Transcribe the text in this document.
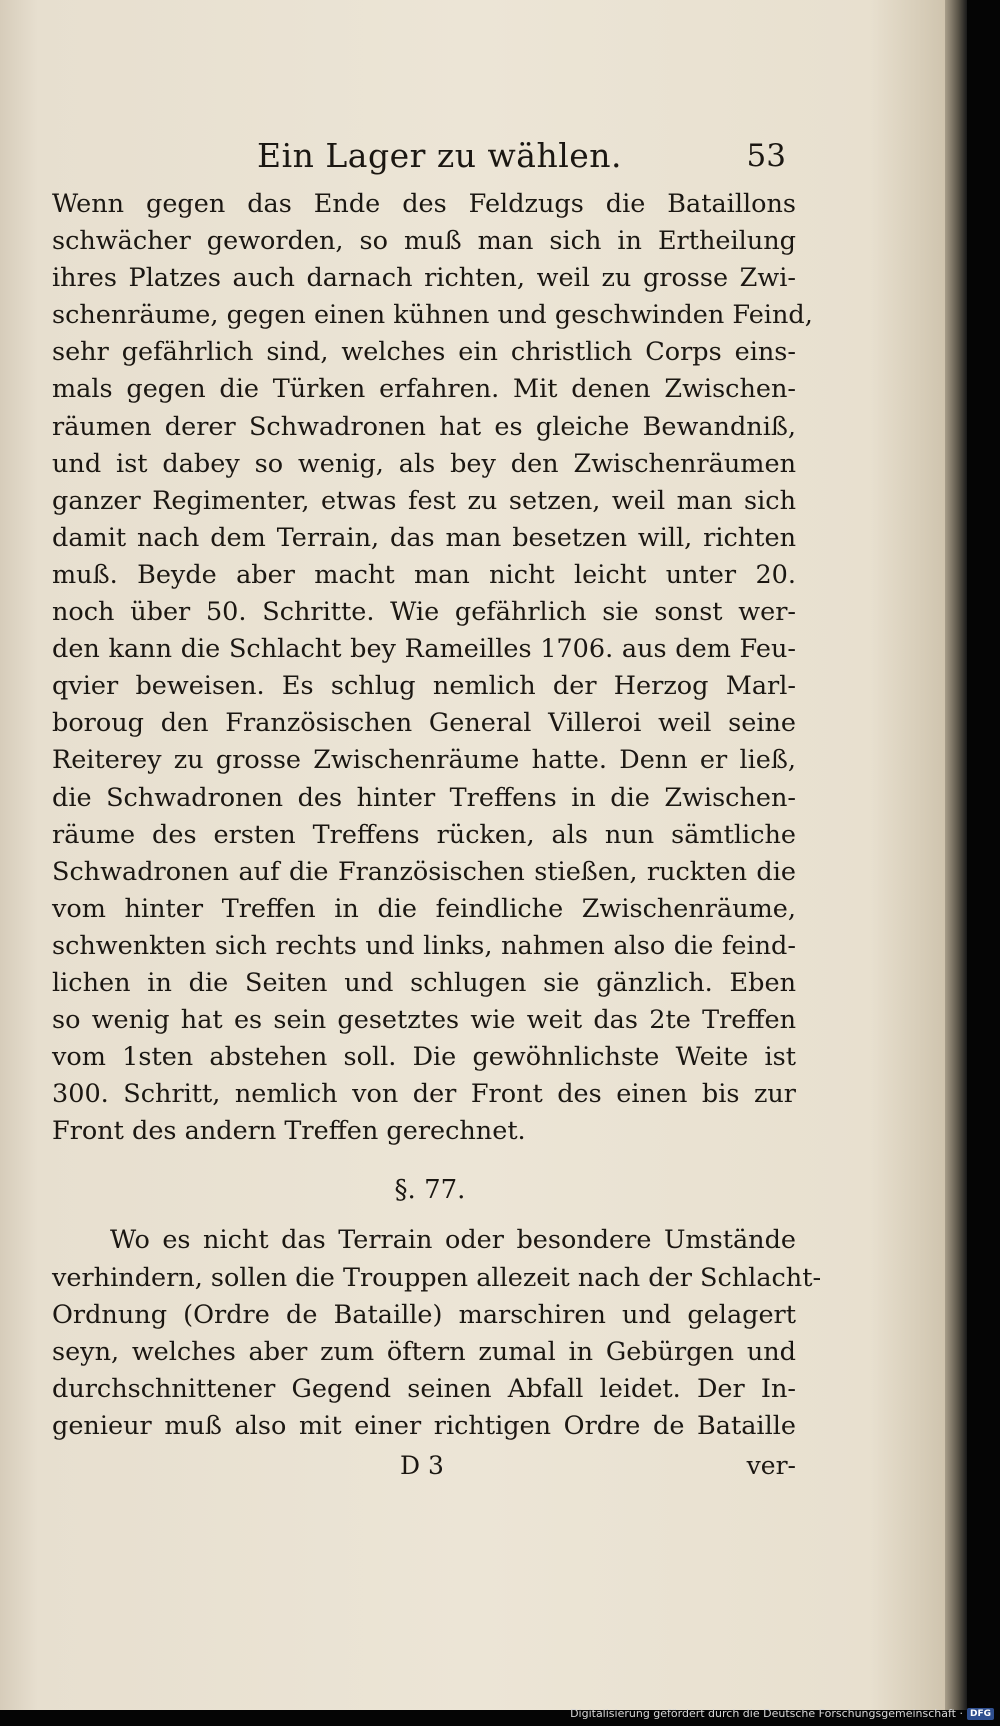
Ein Lager zu wählen.	53
Wenn gegen das Ende des Feldzugs die Bataillons
schwächer geworden, so muß man sich in Ertheilung
ihres Platzes auch darnach richten, weil zu grosse Zwi-
schenräume, gegen einen kühnen und geschwinden Feind,
sehr gefährlich sind, welches ein christlich Corps eins-
mals gegen die Türken erfahren. Mit denen Zwischen-
räumen derer Schwadronen hat es gleiche Bewandniß,
und ist dabey so wenig, als bey den Zwischenräumen
ganzer Regimenter, etwas fest zu setzen, weil man sich
damit nach dem Terrain, das man besetzen will, richten
muß. Beyde aber macht man nicht leicht unter 20.
noch über 50. Schritte. Wie gefährlich sie sonst wer-
den kann die Schlacht bey Rameilles 1706. aus dem Feu-
qvier beweisen. Es schlug nemlich der Herzog Marl-
boroug den Französischen General Villeroi weil seine
Reiterey zu grosse Zwischenräume hatte. Denn er ließ,
die Schwadronen des hinter Treffens in die Zwischen-
räume des ersten Treffens rücken, als nun sämtliche
Schwadronen auf die Französischen stießen, ruckten die
vom hinter Treffen in die feindliche Zwischenräume,
schwenkten sich rechts und links, nahmen also die feind-
lichen in die Seiten und schlugen sie gänzlich. Eben
so wenig hat es sein gesetztes wie weit das 2te Treffen
vom 1sten abstehen soll. Die gewöhnlichste Weite ist
300. Schritt, nemlich von der Front des einen bis zur
Front des andern Treffen gerechnet.
§. 77.
Wo es nicht das Terrain oder besondere Umstände
verhindern, sollen die Trouppen allezeit nach der Schlacht-
Ordnung (Ordre de Bataille) marschiren und gelagert
seyn, welches aber zum öftern zumal in Gebürgen und
durchschnittener Gegend seinen Abfall leidet. Der In-
genieur muß also mit einer richtigen Ordre de Bataille
D 3	ver-
Digitalisierung gefördert durch die Deutsche Forschungsgemeinschaft · DFG
